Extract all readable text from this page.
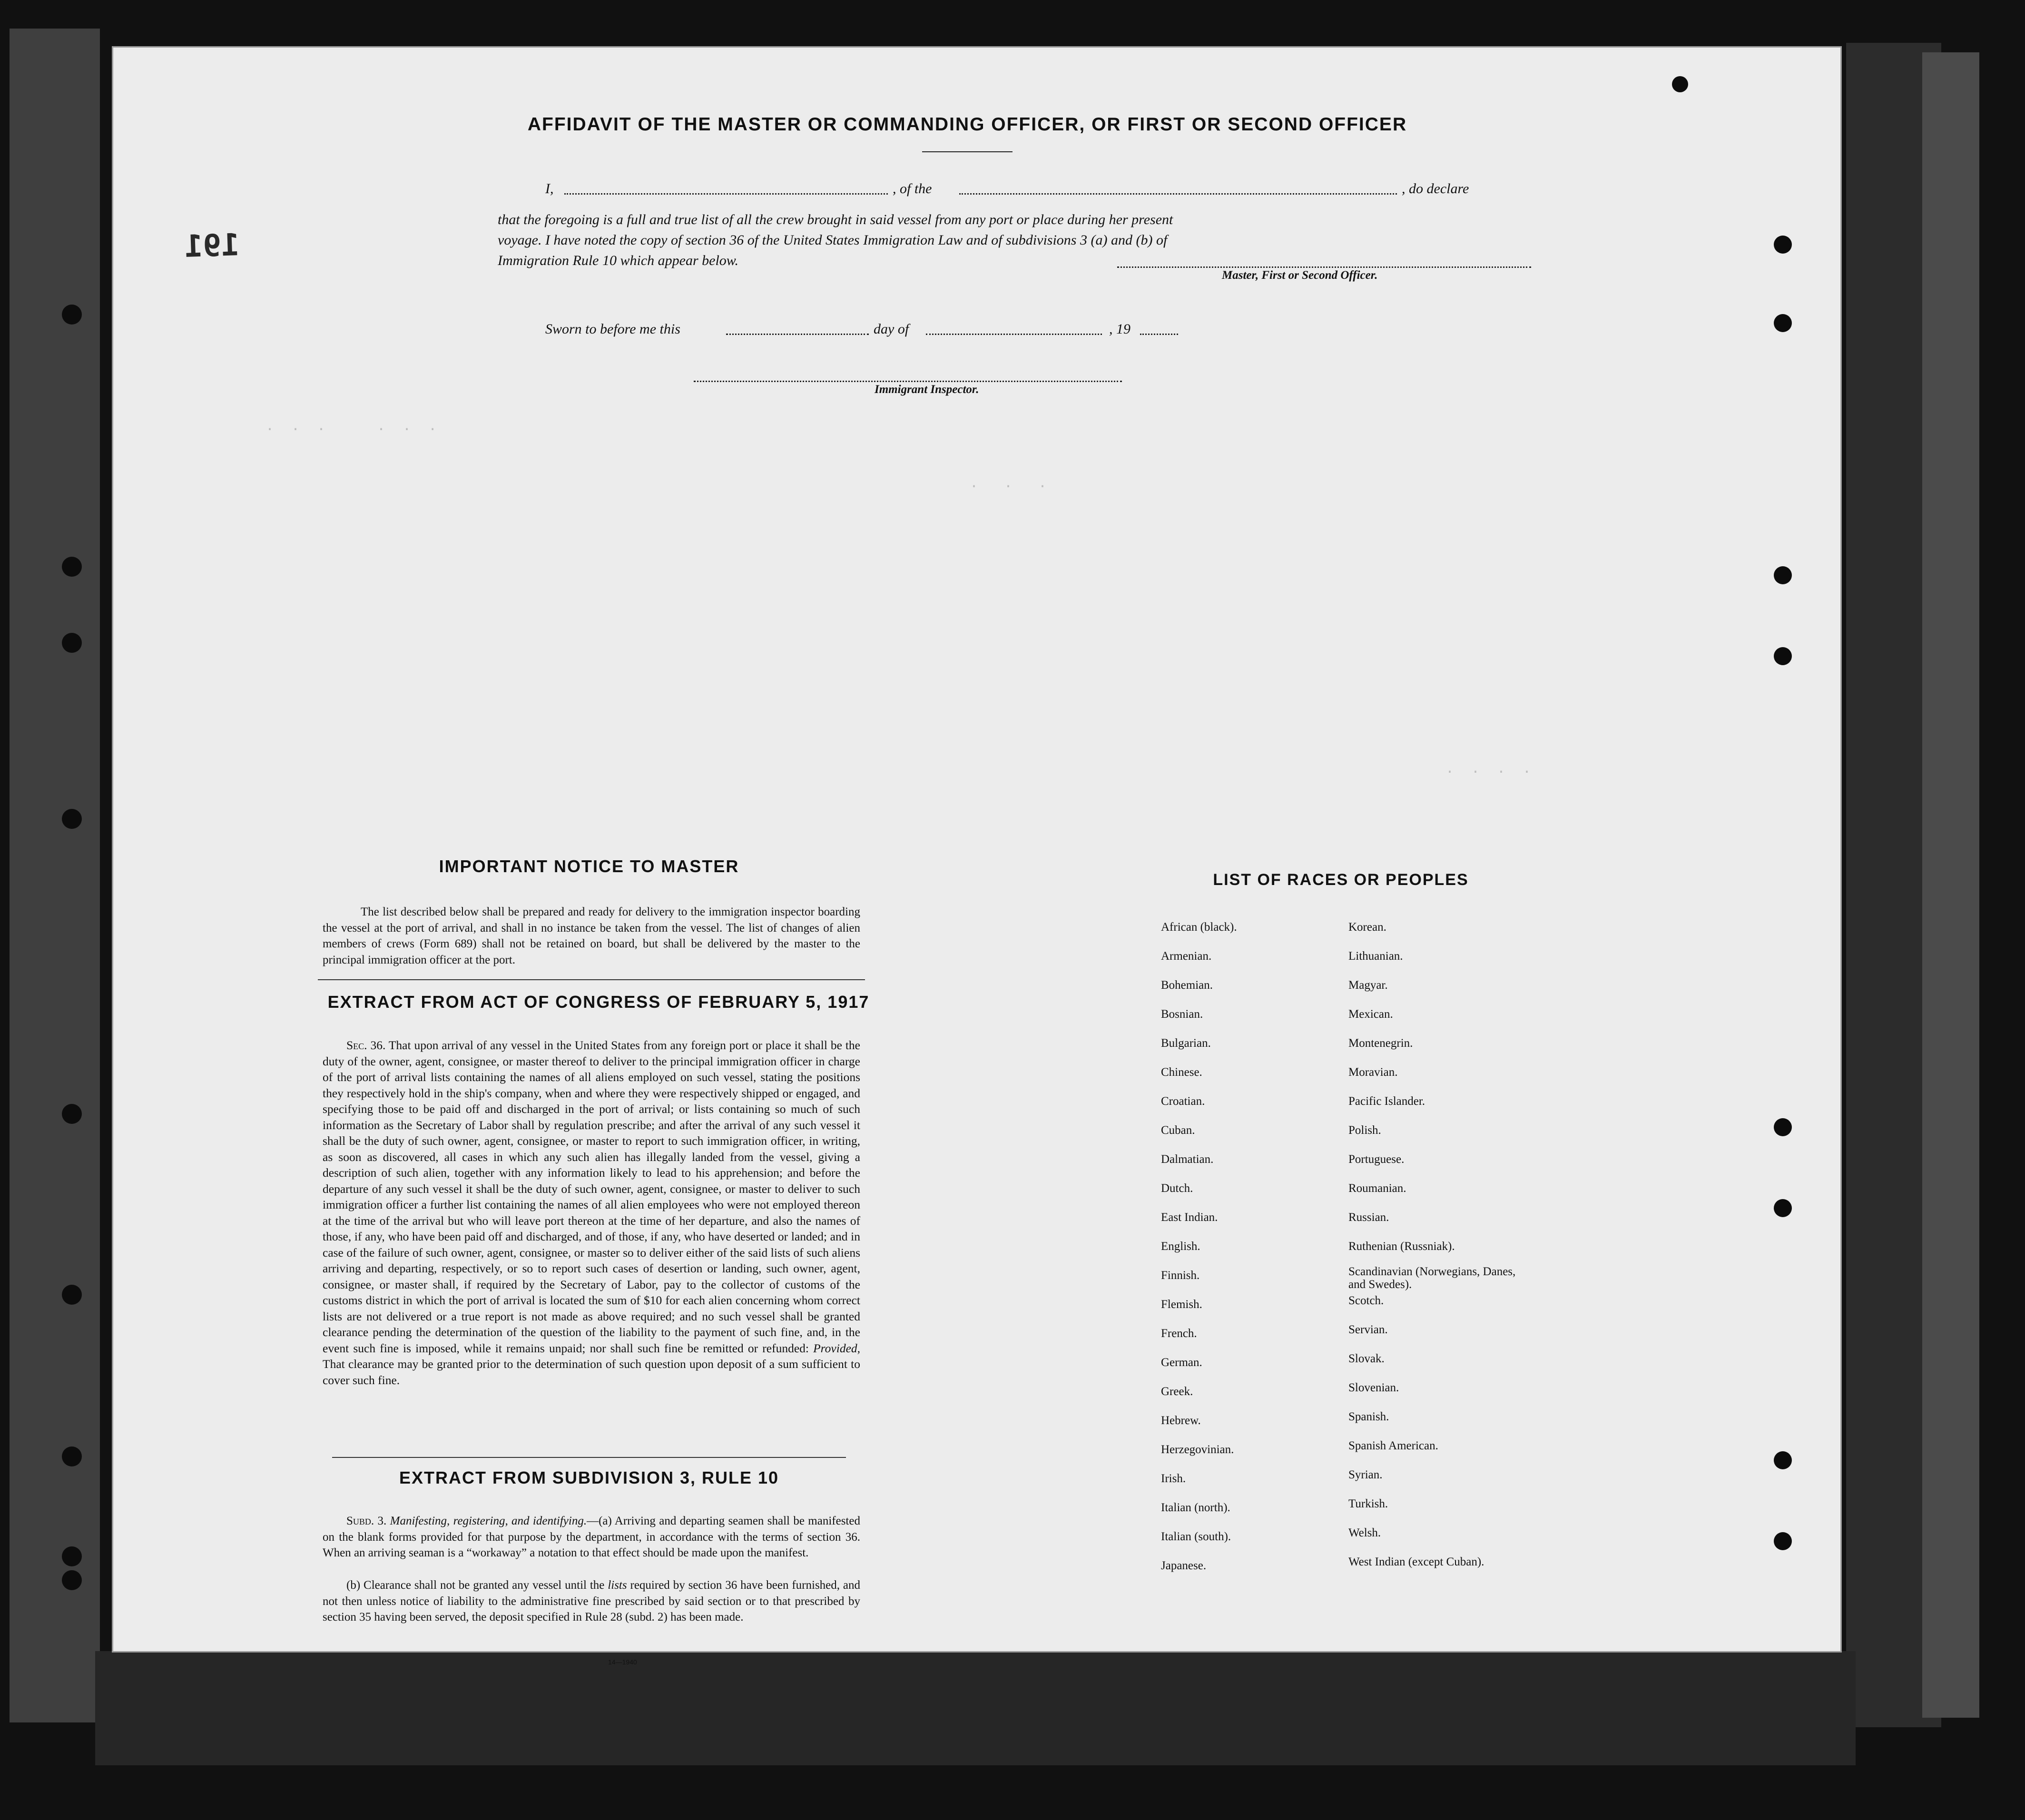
.  .  .      .  .  .
.   .   .
.  .  .  .
191
AFFIDAVIT OF THE MASTER OR COMMANDING OFFICER, OR FIRST OR SECOND OFFICER
I,	, of the	, do declare
that the foregoing is a full and true list of all the crew brought in said vessel from any port or place during her present
voyage. I have noted the copy of section 36 of the United States Immigration Law and of subdivisions 3 (a) and (b) of
Immigration Rule 10 which appear below.
Master, First or Second Officer.
Sworn to before me this	day of	, 19
Immigrant Inspector.
IMPORTANT NOTICE TO MASTER
The list described below shall be prepared and ready for delivery to the immigration inspector boarding the vessel at the port of arrival, and shall in no instance be taken from the vessel. The list of changes of alien members of crews (Form 689) shall not be retained on board, but shall be delivered by the master to the principal immigration officer at the port.
EXTRACT FROM ACT OF CONGRESS OF FEBRUARY 5, 1917
Sec. 36. That upon arrival of any vessel in the United States from any foreign port or place it shall be the duty of the owner, agent, consignee, or master thereof to deliver to the principal immigration officer in charge of the port of arrival lists containing the names of all aliens employed on such vessel, stating the positions they respectively hold in the ship's company, when and where they were respectively shipped or engaged, and specifying those to be paid off and discharged in the port of arrival; or lists containing so much of such information as the Secretary of Labor shall by regulation prescribe; and after the arrival of any such vessel it shall be the duty of such owner, agent, consignee, or master to report to such immigration officer, in writing, as soon as discovered, all cases in which any such alien has illegally landed from the vessel, giving a description of such alien, together with any information likely to lead to his apprehension; and before the departure of any such vessel it shall be the duty of such owner, agent, consignee, or master to deliver to such immigration officer a further list containing the names of all alien employees who were not employed thereon at the time of the arrival but who will leave port thereon at the time of her departure, and also the names of those, if any, who have been paid off and discharged, and of those, if any, who have deserted or landed; and in case of the failure of such owner, agent, consignee, or master so to deliver either of the said lists of such aliens arriving and departing, respectively, or so to report such cases of desertion or landing, such owner, agent, consignee, or master shall, if required by the Secretary of Labor, pay to the collector of customs of the customs district in which the port of arrival is located the sum of $10 for each alien concerning whom correct lists are not delivered or a true report is not made as above required; and no such vessel shall be granted clearance pending the determination of the question of the liability to the payment of such fine, and, in the event such fine is imposed, while it remains unpaid; nor shall such fine be remitted or refunded: Provided, That clearance may be granted prior to the determination of such question upon deposit of a sum sufficient to cover such fine.
EXTRACT FROM SUBDIVISION 3, RULE 10
Subd. 3. Manifesting, registering, and identifying.—(a) Arriving and departing seamen shall be manifested on the blank forms provided for that purpose by the department, in accordance with the terms of section 36. When an arriving seaman is a “workaway” a notation to that effect should be made upon the manifest.
(b) Clearance shall not be granted any vessel until the lists required by section 36 have been furnished, and not then unless notice of liability to the administrative fine prescribed by said section or to that prescribed by section 35 having been served, the deposit specified in Rule 28 (subd. 2) has been made.
14—1940
LIST OF RACES OR PEOPLES
African (black).
Armenian.
Bohemian.
Bosnian.
Bulgarian.
Chinese.
Croatian.
Cuban.
Dalmatian.
Dutch.
East Indian.
English.
Finnish.
Flemish.
French.
German.
Greek.
Hebrew.
Herzegovinian.
Irish.
Italian (north).
Italian (south).
Japanese.
Korean.
Lithuanian.
Magyar.
Mexican.
Montenegrin.
Moravian.
Pacific Islander.
Polish.
Portuguese.
Roumanian.
Russian.
Ruthenian (Russniak).
Scandinavian (Norwegians, Danes, and Swedes).
Scotch.
Servian.
Slovak.
Slovenian.
Spanish.
Spanish American.
Syrian.
Turkish.
Welsh.
West Indian (except Cuban).
